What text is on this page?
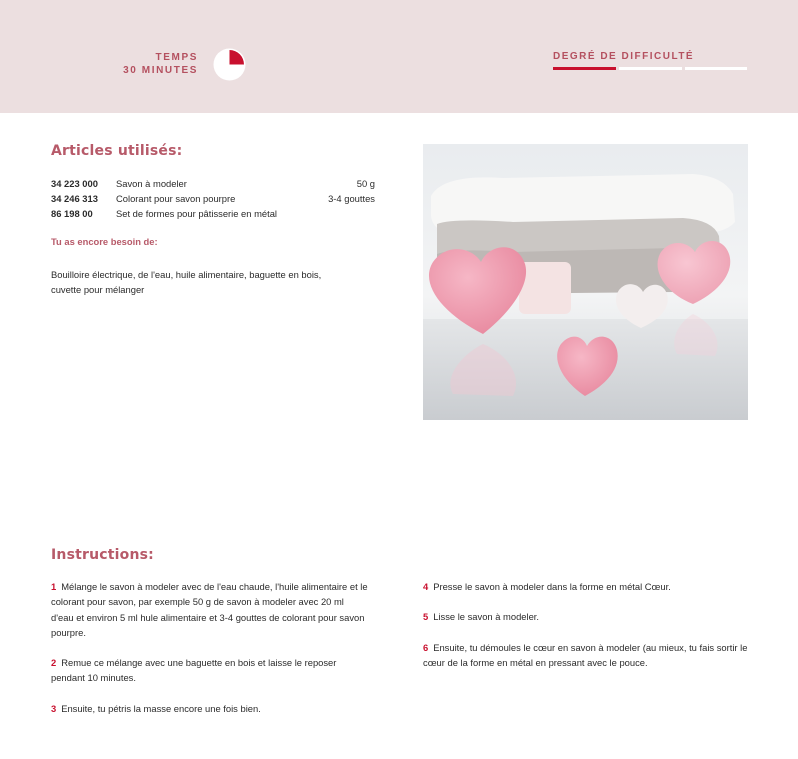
TEMPS
30 MINUTES
DEGRÉ DE DIFFICULTÉ
Articles utilisés:
34 223 000	Savon à modeler	50 g
34 246 313	Colorant pour savon pourpre	3-4 gouttes
86 198 00	Set de formes pour pâtisserie en métal
Tu as encore besoin de:
Bouilloire électrique, de l'eau, huile alimentaire, baguette en bois, cuvette pour mélanger
Instructions:
1 Mélange le savon à modeler avec de l'eau chaude, l'huile alimentaire et le colorant pour savon, par exemple 50 g de savon à modeler avec 20 ml d'eau et environ 5 ml hule alimentaire et 3-4 gouttes de colorant pour savon pourpre.
2 Remue ce mélange avec une baguette en bois et laisse le reposer pendant 10 minutes.
3 Ensuite, tu pétris la masse encore une fois bien.
4 Presse le savon à modeler dans la forme en métal Cœur.
5 Lisse le savon à modeler.
6 Ensuite, tu démoules le cœur en savon à modeler (au mieux, tu fais sortir le cœur de la forme en métal en pressant avec le pouce.
